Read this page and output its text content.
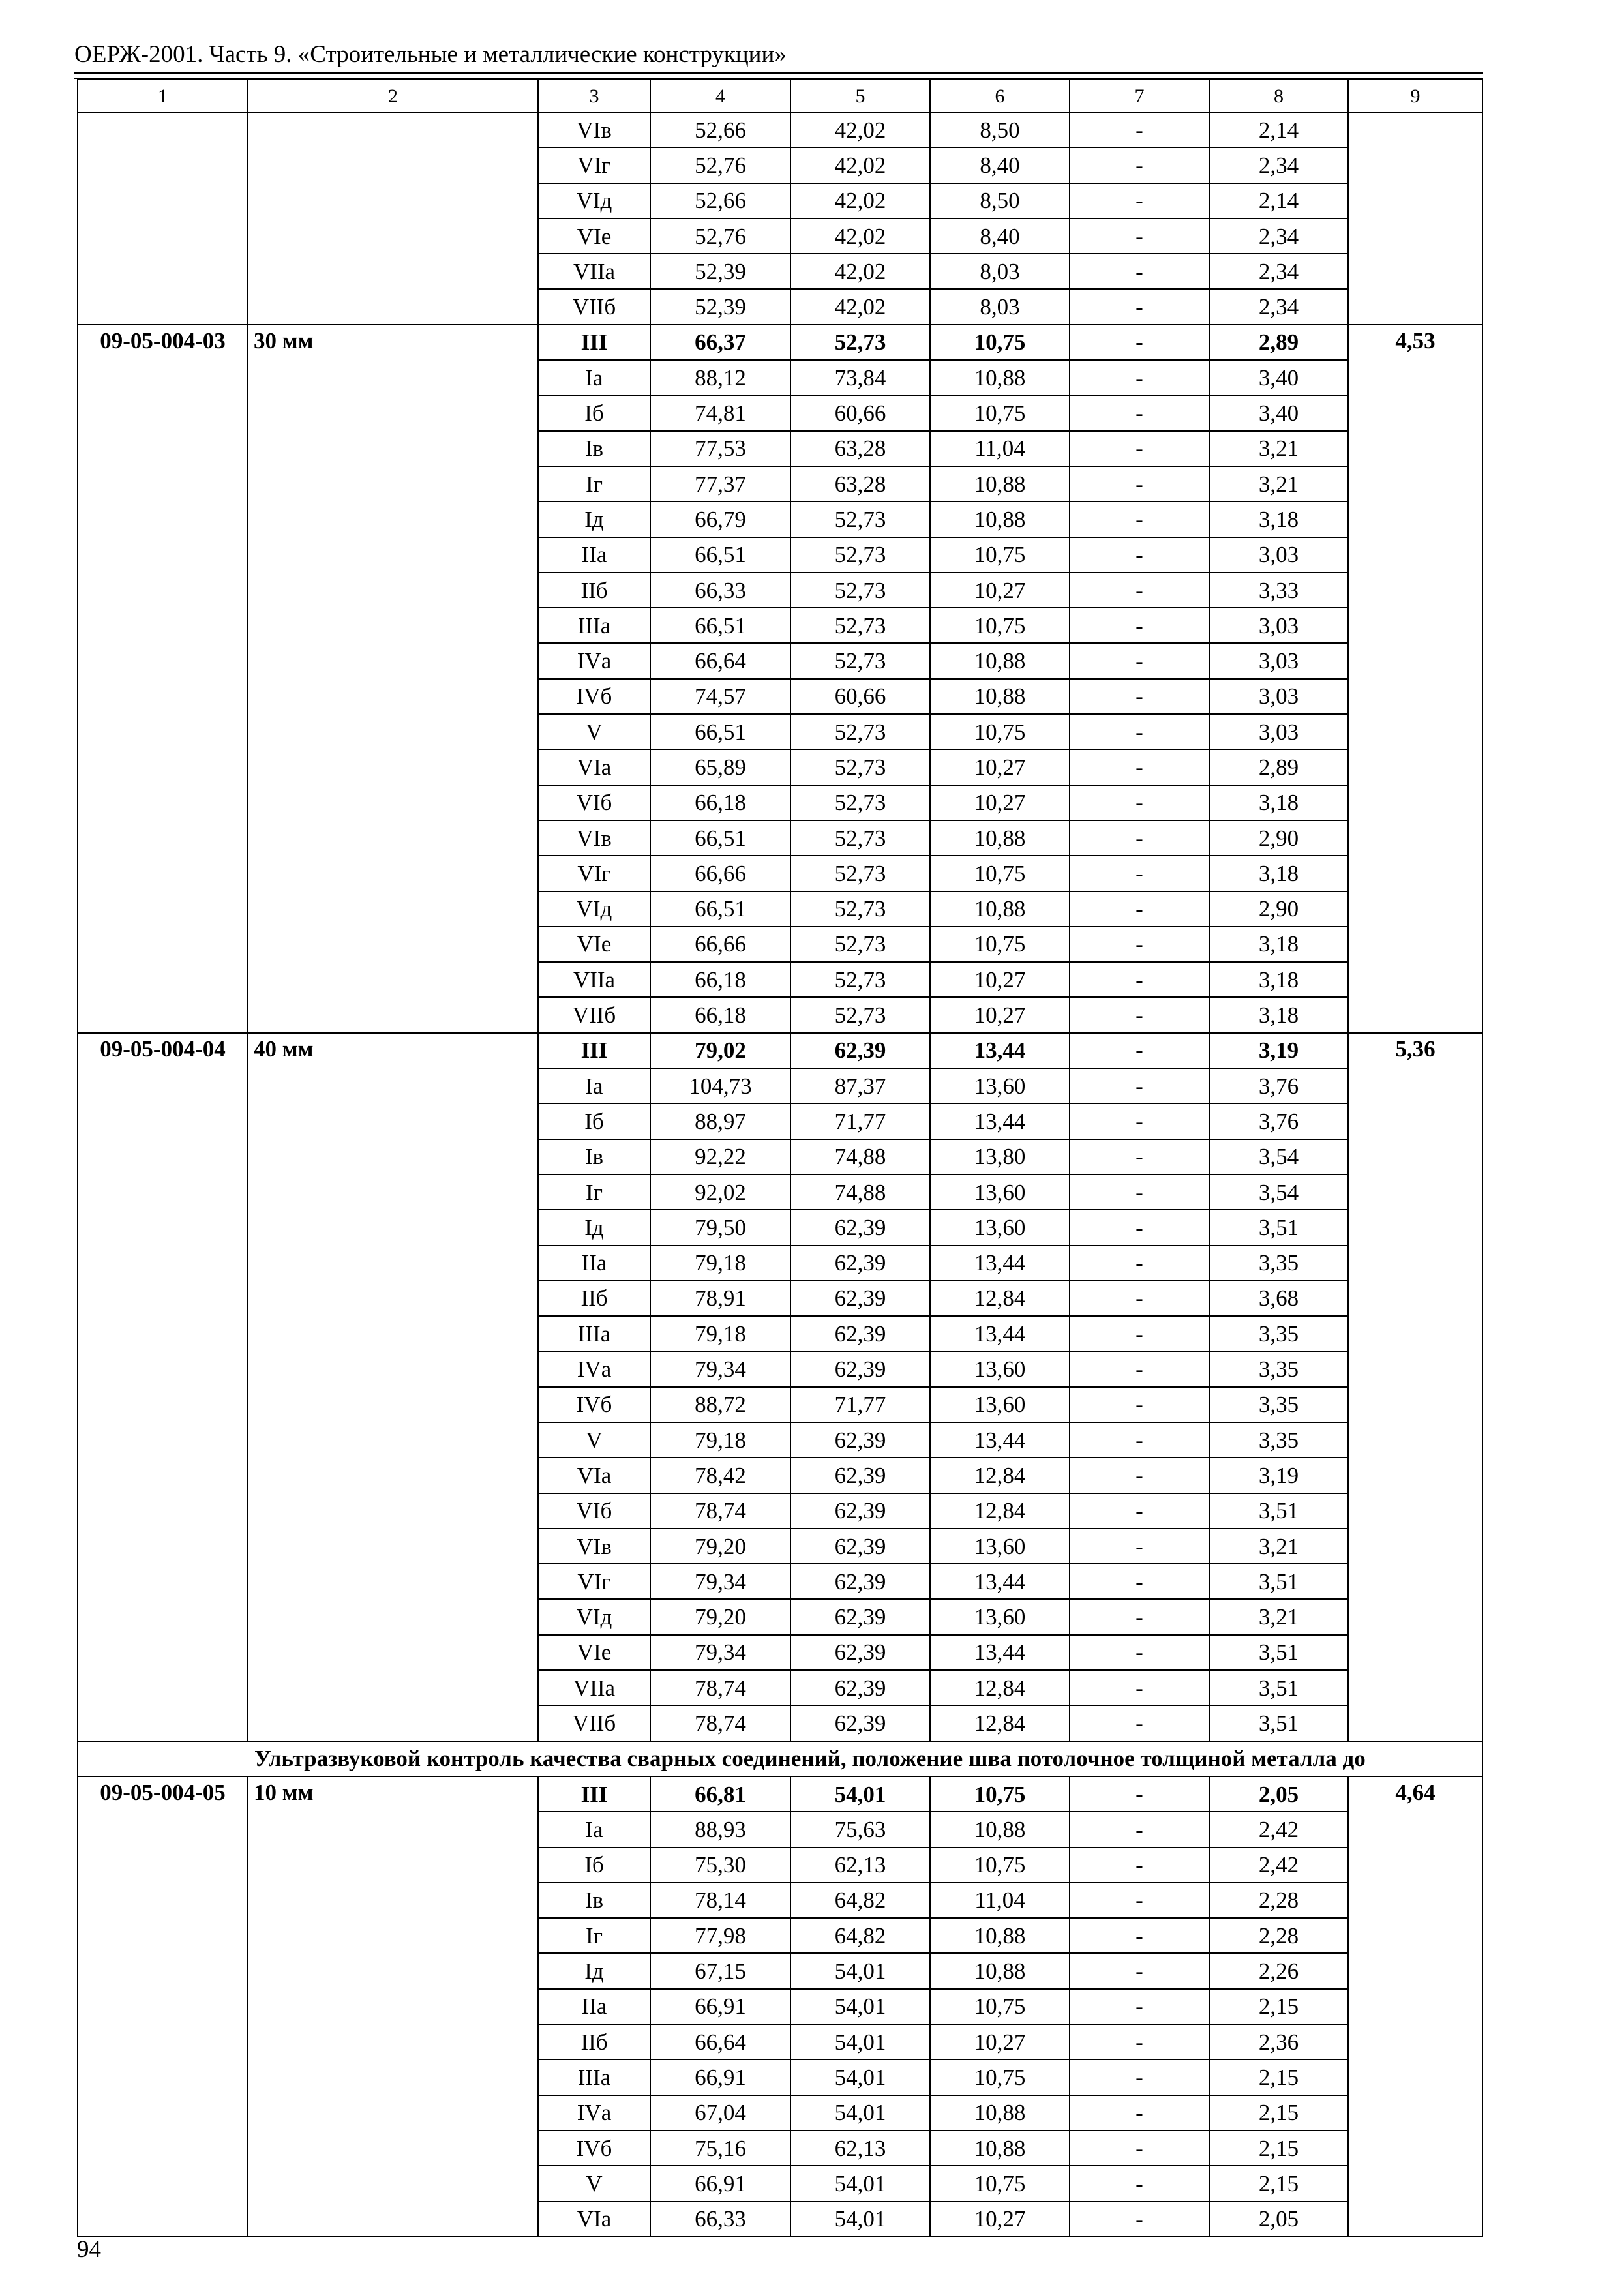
ОЕРЖ-2001. Часть 9. «Строительные и металлические конструкции»
1	2	3	4	5	6	7	8	9
		VIв	52,66	42,02	8,50	-	2,14	
		VIг	52,76	42,02	8,40	-	2,34	
		VIд	52,66	42,02	8,50	-	2,14	
		VIе	52,76	42,02	8,40	-	2,34	
		VIIа	52,39	42,02	8,03	-	2,34	
		VIIб	52,39	42,02	8,03	-	2,34	
09-05-004-03	30 мм	III	66,37	52,73	10,75	-	2,89	4,53
		Iа	88,12	73,84	10,88	-	3,40	
		Iб	74,81	60,66	10,75	-	3,40	
		Iв	77,53	63,28	11,04	-	3,21	
		Iг	77,37	63,28	10,88	-	3,21	
		Iд	66,79	52,73	10,88	-	3,18	
		IIа	66,51	52,73	10,75	-	3,03	
		IIб	66,33	52,73	10,27	-	3,33	
		IIIа	66,51	52,73	10,75	-	3,03	
		IVа	66,64	52,73	10,88	-	3,03	
		IVб	74,57	60,66	10,88	-	3,03	
		V	66,51	52,73	10,75	-	3,03	
		VIа	65,89	52,73	10,27	-	2,89	
		VIб	66,18	52,73	10,27	-	3,18	
		VIв	66,51	52,73	10,88	-	2,90	
		VIг	66,66	52,73	10,75	-	3,18	
		VIд	66,51	52,73	10,88	-	2,90	
		VIе	66,66	52,73	10,75	-	3,18	
		VIIа	66,18	52,73	10,27	-	3,18	
		VIIб	66,18	52,73	10,27	-	3,18	
09-05-004-04	40 мм	III	79,02	62,39	13,44	-	3,19	5,36
		Iа	104,73	87,37	13,60	-	3,76	
		Iб	88,97	71,77	13,44	-	3,76	
		Iв	92,22	74,88	13,80	-	3,54	
		Iг	92,02	74,88	13,60	-	3,54	
		Iд	79,50	62,39	13,60	-	3,51	
		IIа	79,18	62,39	13,44	-	3,35	
		IIб	78,91	62,39	12,84	-	3,68	
		IIIа	79,18	62,39	13,44	-	3,35	
		IVа	79,34	62,39	13,60	-	3,35	
		IVб	88,72	71,77	13,60	-	3,35	
		V	79,18	62,39	13,44	-	3,35	
		VIа	78,42	62,39	12,84	-	3,19	
		VIб	78,74	62,39	12,84	-	3,51	
		VIв	79,20	62,39	13,60	-	3,21	
		VIг	79,34	62,39	13,44	-	3,51	
		VIд	79,20	62,39	13,60	-	3,21	
		VIе	79,34	62,39	13,44	-	3,51	
		VIIа	78,74	62,39	12,84	-	3,51	
		VIIб	78,74	62,39	12,84	-	3,51	
Ультразвуковой контроль качества сварных соединений, положение шва потолочное толщиной металла до								
09-05-004-05	10 мм	III	66,81	54,01	10,75	-	2,05	4,64
		Iа	88,93	75,63	10,88	-	2,42	
		Iб	75,30	62,13	10,75	-	2,42	
		Iв	78,14	64,82	11,04	-	2,28	
		Iг	77,98	64,82	10,88	-	2,28	
		Iд	67,15	54,01	10,88	-	2,26	
		IIа	66,91	54,01	10,75	-	2,15	
		IIб	66,64	54,01	10,27	-	2,36	
		IIIа	66,91	54,01	10,75	-	2,15	
		IVа	67,04	54,01	10,88	-	2,15	
		IVб	75,16	62,13	10,88	-	2,15	
		V	66,91	54,01	10,75	-	2,15	
		VIа	66,33	54,01	10,27	-	2,05	
94
